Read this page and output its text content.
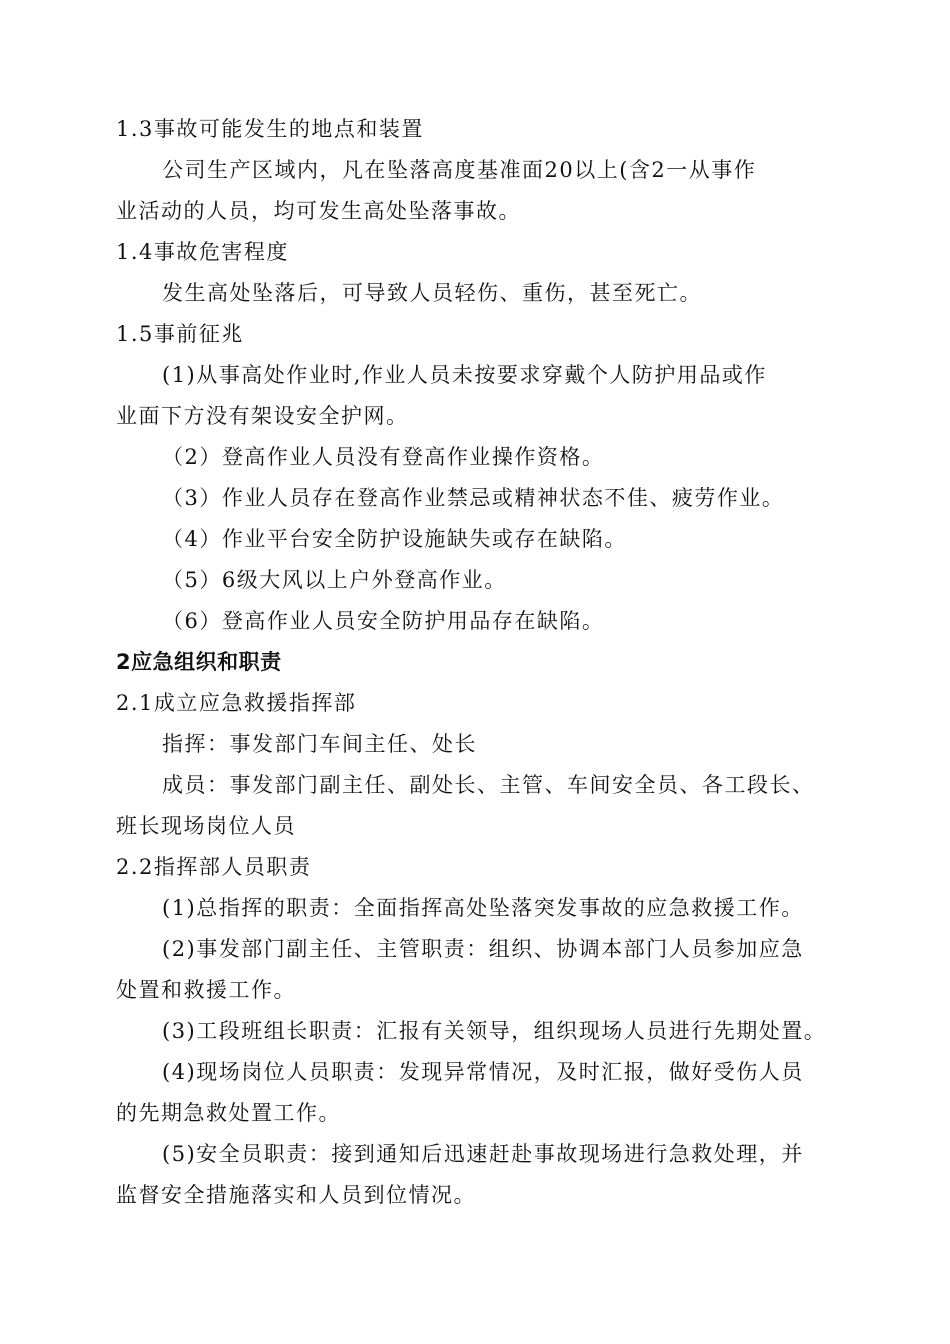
1.3事故可能发生的地点和装置
公司生产区域内，凡在坠落高度基准面20以上(含2一从事作
业活动的人员，均可发生高处坠落事故。
1.4事故危害程度
发生高处坠落后，可导致人员轻伤、重伤，甚至死亡。
1.5事前征兆
(1)从事高处作业时,作业人员未按要求穿戴个人防护用品或作
业面下方没有架设安全护网。
（2）登高作业人员没有登高作业操作资格。
（3）作业人员存在登高作业禁忌或精神状态不佳、疲劳作业。
（4）作业平台安全防护设施缺失或存在缺陷。
（5）6级大风以上户外登高作业。
（6）登高作业人员安全防护用品存在缺陷。
2应急组织和职责
2.1成立应急救援指挥部
指挥：事发部门车间主任、处长
成员：事发部门副主任、副处长、主管、车间安全员、各工段长、
班长现场岗位人员
2.2指挥部人员职责
(1)总指挥的职责：全面指挥高处坠落突发事故的应急救援工作。
(2)事发部门副主任、主管职责：组织、协调本部门人员参加应急
处置和救援工作。
(3)工段班组长职责：汇报有关领导，组织现场人员进行先期处置。
(4)现场岗位人员职责：发现异常情况，及时汇报，做好受伤人员
的先期急救处置工作。
(5)安全员职责：接到通知后迅速赶赴事故现场进行急救处理，并
监督安全措施落实和人员到位情况。
